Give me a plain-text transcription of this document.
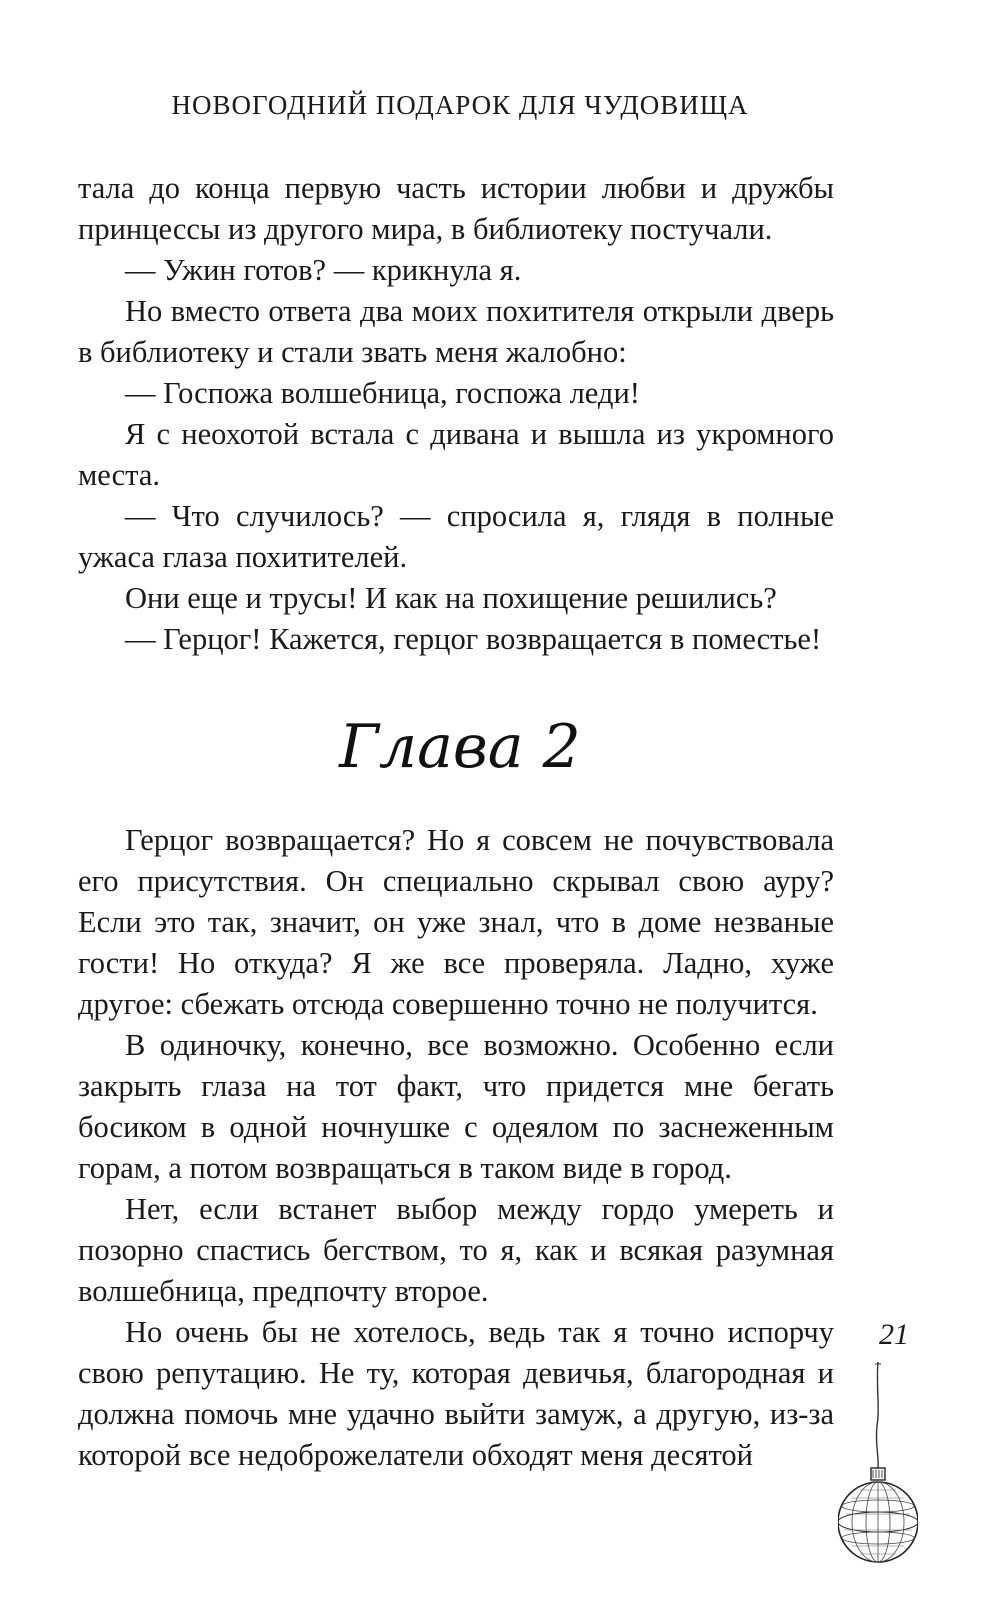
НОВОГОДНИЙ ПОДАРОК ДЛЯ ЧУДОВИЩА

тала до конца первую часть истории любви и дружбы принцессы из другого мира, в библиотеку постучали.

— Ужин готов? — крикнула я.

Но вместо ответа два моих похитителя открыли дверь в библиотеку и стали звать меня жалобно:

— Госпожа волшебница, госпожа леди!

Я с неохотой встала с дивана и вышла из укромного места.

— Что случилось? — спросила я, глядя в полные ужаса глаза похитителей.

Они еще и трусы! И как на похищение решились?

— Герцог! Кажется, герцог возвращается в поместье!

Глава 2

Герцог возвращается? Но я совсем не почувствовала его присутствия. Он специально скрывал свою ауру? Если это так, значит, он уже знал, что в доме незваные гости! Но откуда? Я же все проверяла. Ладно, хуже другое: сбежать отсюда совершенно точно не получится.

В одиночку, конечно, все возможно. Особенно если закрыть глаза на тот факт, что придется мне бегать босиком в одной ночнушке с одеялом по заснеженным горам, а потом возвращаться в таком виде в город.

Нет, если встанет выбор между гордо умереть и позорно спастись бегством, то я, как и всякая разумная волшебница, предпочту второе.

Но очень бы не хотелось, ведь так я точно испорчу свою репутацию. Не ту, которая девичья, благородная и должна помочь мне удачно выйти замуж, а другую, из-за которой все недоброжелатели обходят меня десятой

21
